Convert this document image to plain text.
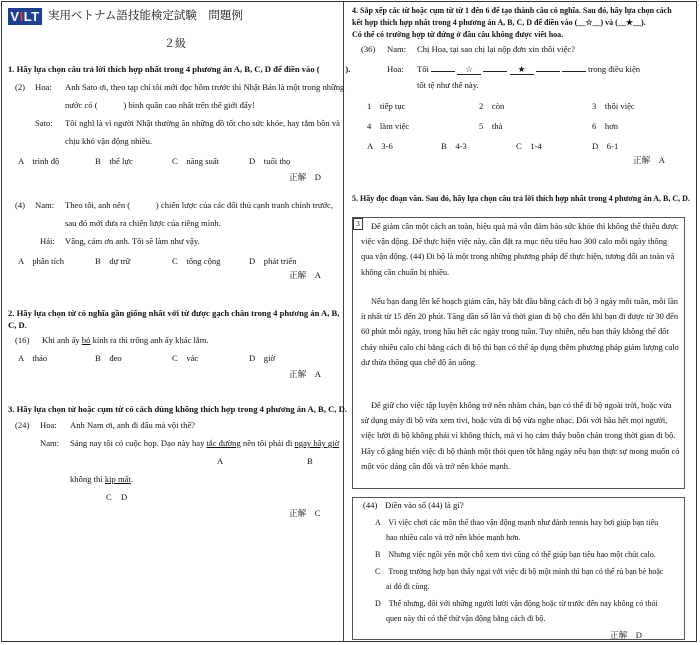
VILT 実用ベトナム語技能検定試験　問題例
２級
1. Hãy lựa chọn câu trả lời thích hợp nhất trong 4 phương án A, B, C, D để điền vào (　　　).
(2) Hoa: Anh Sato ơi, theo tạp chí tôi mới đọc hôm trước thì Nhật Bản là một trong những
nước có (　　　) bình quân cao nhất trên thế giới đấy!
Sato: Tôi nghĩ là vì người Nhật thường ăn những đồ tốt cho sức khỏe, hay tắm bồn và
chịu khó vận động nhiều.
A　trình độ	B　thể lực	C　năng suất	D　tuổi thọ
正解　D
(4) Nam: Theo tôi, anh nên (　　　) chiến lược của các đối thủ cạnh tranh chính trước,
sau đó mới đưa ra chiến lược của riêng mình.
Hải: Vâng, cám ơn anh. Tôi sẽ làm như vậy.
A　phân tích	B　dự trữ	C　tổng cộng	D　phát triển
正解　A
2. Hãy lựa chọn từ có nghĩa gần giống nhất với từ được gạch chân trong 4 phương án A, B,
C, D.
(16) Khi anh ấy bỏ kính ra thì trông anh ấy khác lắm.
A　tháo	B　đeo	C　vác	D　giờ
正解　A
3. Hãy lựa chọn từ hoặc cụm từ có cách dùng không thích hợp trong 4 phương án A, B, C, D.
(24) Hoa: Anh Nam ơi, anh đi đâu mà vội thế?
Nam: Sáng nay tôi có cuộc họp. Dạo này hay tắc đường nên tôi phải đi ngay bây giờ
A	B
không thì kịp mất.
C D
正解　C
4. Sắp xếp các từ hoặc cụm từ từ 1 đến 6 để tạo thành câu có nghĩa. Sau đó, hãy lựa chọn cách
kết hợp thích hợp nhất trong 4 phương án A, B, C, D để điền vào (__☆__) và (__★__).
Có thể có trường hợp từ đứng ở đầu câu không được viết hoa.
(36) Nam: Chị Hoa, tại sao chị lại nộp đơn xin thôi việc?
Hoa: Tôi	☆	★	trong điều kiện
tốt tệ như thế này.
1　tiếp tục	2　còn	3　thôi việc
4　làm việc	5　thà	6　hơn
A　3-6	B　4-3	C　1-4	D　6-1
正解　A
5. Hãy đọc đoạn văn. Sau đó, hãy lựa chọn câu trả lời thích hợp nhất trong 4 phương án A, B, C, D.
3	Để giảm cân một cách an toàn, hiệu quả mà vẫn đảm bảo sức khỏe thì không thể thiếu được việc vận động. Để thực hiện việc này, cần đặt ra mục tiêu tiêu hao 300 calo mỗi ngày thông qua vận động. (44) Đi bộ là một trong những phương pháp để thực hiện, tương đối an toàn và không cần chuẩn bị nhiều.
Nếu bạn đang lên kế hoạch giảm cân, hãy bắt đầu bằng cách đi bộ 3 ngày mỗi tuần, mỗi lần ít nhất từ 15 đến 20 phút. Tăng dần số lần và thời gian đi bộ cho đến khi bạn đi được từ 30 đến 60 phút mỗi ngày, trong hầu hết các ngày trong tuần. Tuy nhiên, nếu bạn thấy không thể đốt cháy nhiều calo chỉ bằng cách đi bộ thì bạn có thể áp dụng thêm phương pháp giảm lượng calo dư thừa thông qua chế độ ăn uống.
Để giữ cho việc tập luyện không trở nên nhàm chán, bạn có thể đi bộ ngoài trời, hoặc vừa sử dụng máy đi bộ vừa xem tivi, hoặc vừa đi bộ vừa nghe nhạc. Đối với hầu hết mọi người, việc lười đi bộ không phải vì không thích, mà vì họ cảm thấy buồn chán trong thời gian đi bộ. Hãy cố gắng biến việc đi bộ thành một thói quen tốt hằng ngày nếu bạn thực sự mong muốn có một vóc dáng cân đối và trở nên khỏe mạnh.
(44) Điền vào số (44) là gì?
A　Vì việc chơi các môn thể thao vận động mạnh như đánh tennis hay bơi giúp bạn tiêu
hao nhiều calo và trở nên khỏe mạnh hơn.
B　Nhưng việc ngồi yên một chỗ xem tivi cũng có thể giúp bạn tiêu hao một chút calo.
C　Trong trường hợp bạn thấy ngại với việc đi bộ một mình thì bạn có thể rủ bạn bè hoặc
ai đó đi cùng.
D　Thế nhưng, đối với những người lười vận động hoặc từ trước đến nay không có thói
quen này thì có thể thử vận động bằng cách đi bộ.
正解　D
